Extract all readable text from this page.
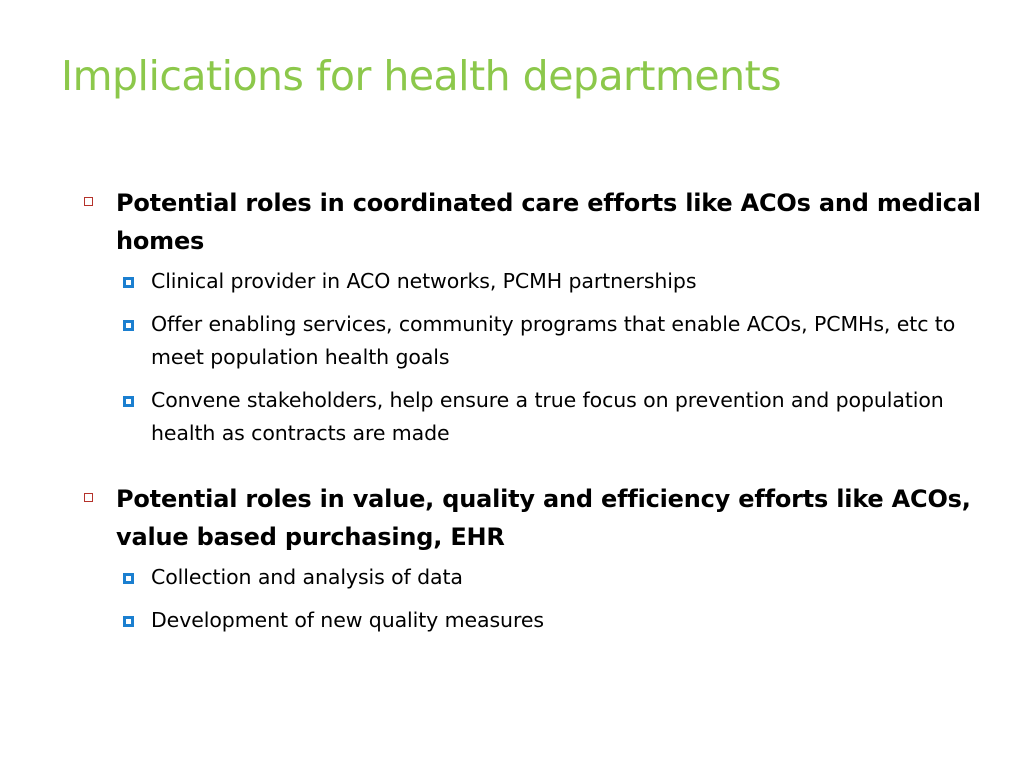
Implications for health departments
Potential roles in coordinated care efforts like ACOs and medical homes
Clinical provider in ACO networks, PCMH partnerships
Offer enabling services, community programs that enable ACOs, PCMHs, etc to meet population health goals
Convene stakeholders, help ensure a true focus on prevention and population health as contracts are made
Potential roles in value, quality and efficiency efforts like ACOs, value based purchasing, EHR
Collection and analysis of data
Development of new quality measures
